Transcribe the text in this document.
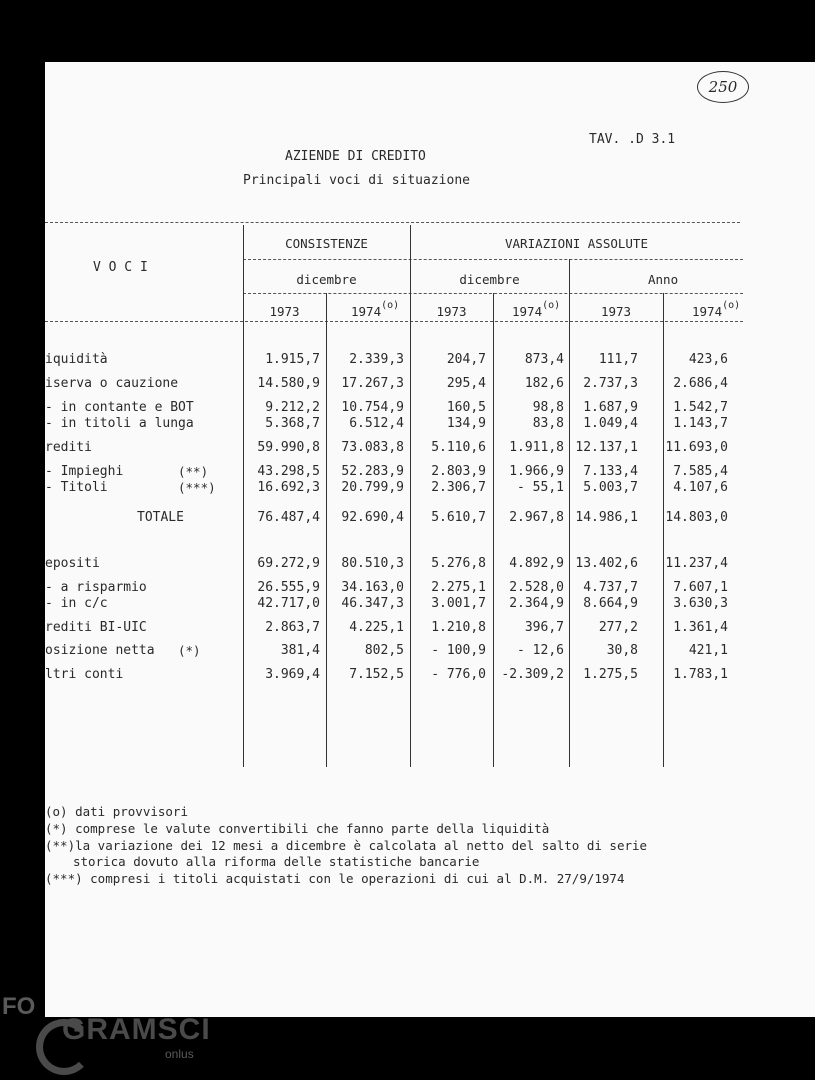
250
TAV. .D 3.1
AZIENDE DI CREDITO
Principali voci di situazione
V O C I
CONSISTENZE	VARIAZIONI ASSOLUTE
dicembre	dicembre	Anno
1973	1974$^{(o)}$	1973	1974$^{(o)}$	1973	1974$^{(o)}$
iquidità	1.915,7	2.339,3	204,7	873,4	111,7	423,6
iserva o cauzione	14.580,9	17.267,3	295,4	182,6	2.737,3	2.686,4
- in contante e BOT	9.212,2	10.754,9	160,5	98,8	1.687,9	1.542,7
- in titoli a lunga	5.368,7	6.512,4	134,9	83,8	1.049,4	1.143,7
rediti	59.990,8	73.083,8	5.110,6	1.911,8 12.137,1	11.693,0
- Impieghi	(**)	43.298,5	52.283,9	2.803,9	1.966,9	7.133,4	7.585,4
- Titoli	(***)	16.692,3	20.799,9	2.306,7	- 55,1	5.003,7	4.107,6
TOTALE	76.487,4	92.690,4	5.610,7	2.967,8 14.986,1	14.803,0
epositi	69.272,9	80.510,3	5.276,8	4.892,9 13.402,6	11.237,4
- a risparmio	26.555,9	34.163,0	2.275,1	2.528,0	4.737,7	7.607,1
- in c/c	42.717,0	46.347,3	3.001,7	2.364,9	8.664,9	3.630,3
rediti BI-UIC	2.863,7	4.225,1	1.210,8	396,7	277,2	1.361,4
osizione netta (*)	381,4	802,5	- 100,9	- 12,6	30,8	421,1
ltri conti	3.969,4	7.152,5	- 776,0	-2.309,2	1.275,5	1.783,1
(o) dati provvisori
(*) comprese le valute convertibili che fanno parte della liquidità
(**)la variazione dei 12 mesi a dicembre è calcolata al netto del salto di serie
storica dovuto alla riforma delle statistiche bancarie
(***) compresi i titoli acquistati con le operazioni di cui al D.M. 27/9/1974
FO
GRAMSCI
onlus
